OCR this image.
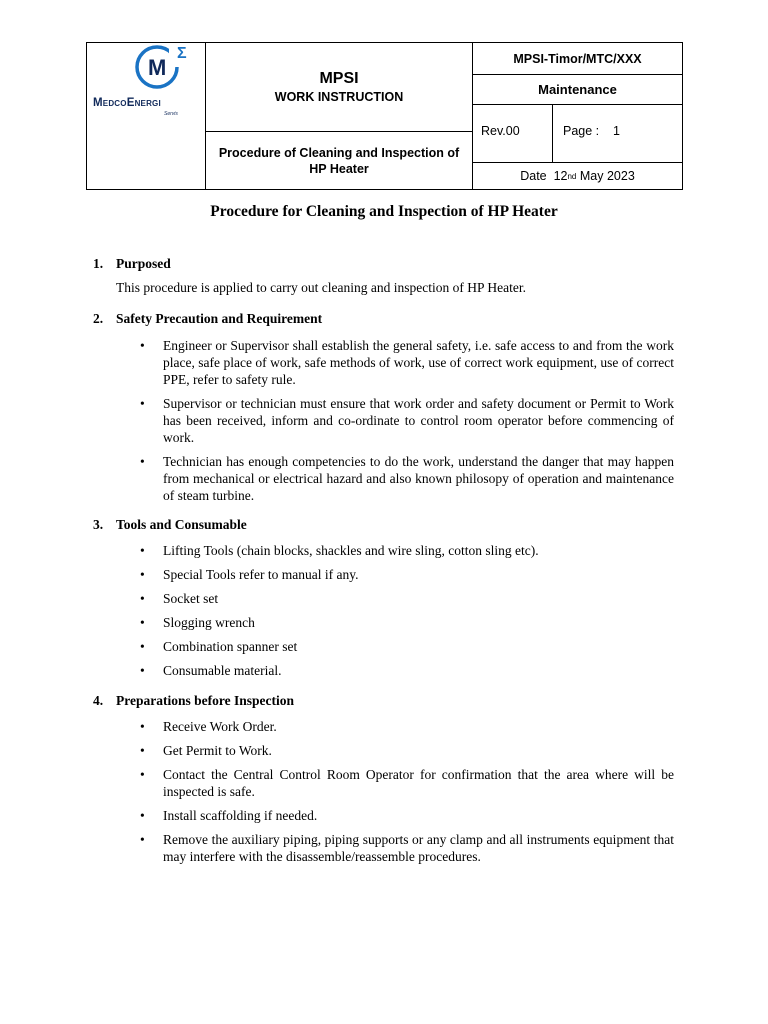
M
Σ
MedcoEnergi
Servis
MPSI
WORK INSTRUCTION
Procedure of Cleaning and Inspection of HP Heater
MPSI-Timor/MTC/XXX
Maintenance
Rev.00	Page : 1
Date
12 nd
May 2023
Procedure for Cleaning and Inspection of HP Heater
1. Purposed
This procedure is applied to carry out cleaning and inspection of HP Heater.
2. Safety Precaution and Requirement
• Engineer or Supervisor shall establish the general safety, i.e. safe access to and from the work place, safe place of work, safe methods of work, use of correct work equipment, use of correct PPE, refer to safety rule.
• Supervisor or technician must ensure that work order and safety document or Permit to Work has been received, inform and co-ordinate to control room operator before commencing of work.
• Technician has enough competencies to do the work, understand the danger that may happen from mechanical or electrical hazard and also known philosopy of operation and maintenance of steam turbine.
3. Tools and Consumable
• Lifting Tools (chain blocks, shackles and wire sling, cotton sling etc).
• Special Tools refer to manual if any.
• Socket set
• Slogging wrench
• Combination spanner set
• Consumable material.
4. Preparations before Inspection
• Receive Work Order.
• Get Permit to Work.
• Contact the Central Control Room Operator for confirmation that the area where will be inspected is safe.
• Install scaffolding if needed.
• Remove the auxiliary piping, piping supports or any clamp and all instruments equipment that may interfere with the disassemble/reassemble procedures.
